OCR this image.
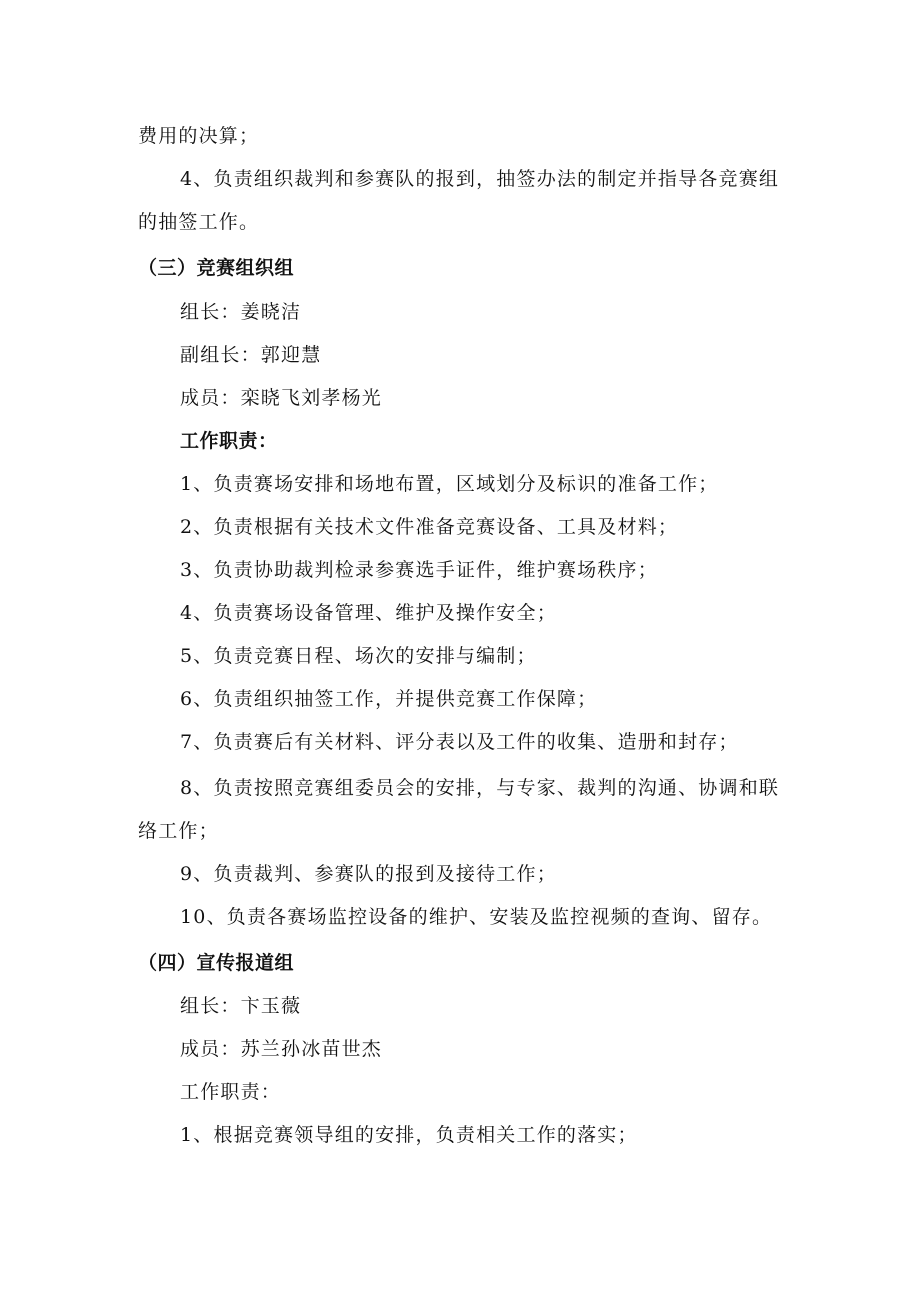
费用的决算；
4、负责组织裁判和参赛队的报到，抽签办法的制定并指导各竞赛组
的抽签工作。
（三）竞赛组织组
组长：姜晓洁
副组长：郭迎慧
成员：栾晓飞刘孝杨光
工作职责：
1、负责赛场安排和场地布置，区域划分及标识的准备工作；
2、负责根据有关技术文件准备竞赛设备、工具及材料；
3、负责协助裁判检录参赛选手证件，维护赛场秩序；
4、负责赛场设备管理、维护及操作安全；
5、负责竞赛日程、场次的安排与编制；
6、负责组织抽签工作，并提供竞赛工作保障；
7、负责赛后有关材料、评分表以及工件的收集、造册和封存；
8、负责按照竞赛组委员会的安排，与专家、裁判的沟通、协调和联
络工作；
9、负责裁判、参赛队的报到及接待工作；
10、负责各赛场监控设备的维护、安装及监控视频的查询、留存。
（四）宣传报道组
组长：卞玉薇
成员：苏兰孙冰苗世杰
工作职责：
1、根据竞赛领导组的安排，负责相关工作的落实；
